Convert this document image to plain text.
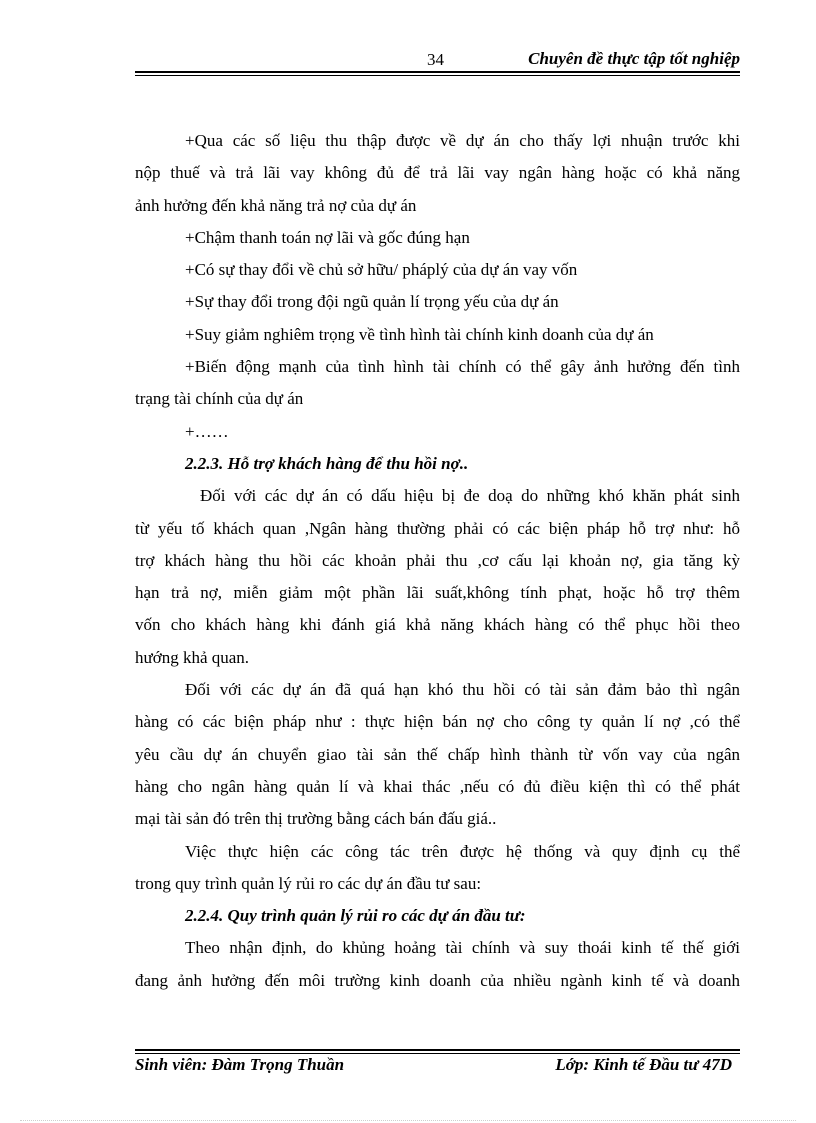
34	Chuyên đề thực tập tốt nghiệp
+Qua các số liệu thu thập được về dự án cho thấy lợi nhuận trước khi
nộp thuế và trả lãi vay không đủ để trả lãi vay ngân hàng hoặc có khả năng
ảnh hưởng đến khả năng trả nợ của dự án
+Chậm thanh toán nợ lãi và gốc đúng hạn
+Có sự thay đổi về chủ sở hữu/ pháplý của dự án vay vốn
+Sự thay đổi trong đội ngũ quản lí trọng yếu của dự án
+Suy giảm nghiêm trọng về tình hình tài chính kinh doanh của dự án
+Biến động mạnh của tình hình tài chính có thể gây ảnh hưởng đến tình
trạng tài chính của dự án
+……
2.2.3. Hỗ trợ khách hàng để thu hồi nợ..
Đối với các dự án có dấu hiệu bị đe doạ do những khó khăn phát sinh
từ yếu tố khách quan ,Ngân hàng thường phải có các biện pháp hỗ trợ như: hỗ
trợ khách hàng thu hồi các khoản phải thu ,cơ cấu lại khoản nợ, gia tăng kỳ
hạn trả nợ, miễn giảm một phần lãi suất,không tính phạt, hoặc hỗ trợ thêm
vốn cho khách hàng khi đánh giá khả năng khách hàng có thể phục hồi theo
hướng khả quan.
Đối với các dự án đã quá hạn khó thu hồi có tài sản đảm bảo thì ngân
hàng có các biện pháp như : thực hiện bán nợ cho công ty quản lí nợ ,có thể
yêu cầu dự án chuyển giao tài sản thế chấp hình thành từ vốn vay của ngân
hàng cho ngân hàng quản lí và khai thác ,nếu có đủ điều kiện thì có thể phát
mại tài sản đó trên thị trường bằng cách bán đấu giá..
Việc thực hiện các công tác trên được hệ thống và quy định cụ thể
trong quy trình quản lý rủi ro các dự án đầu tư sau:
2.2.4. Quy trình quản lý rủi ro các dự án đầu tư:
Theo nhận định, do khủng hoảng tài chính và suy thoái kinh tế thế giới
đang ảnh hưởng đến môi trường kinh doanh của nhiều ngành kinh tế và doanh
Sinh viên: Đàm Trọng Thuần	Lớp: Kinh tế Đầu tư 47D
